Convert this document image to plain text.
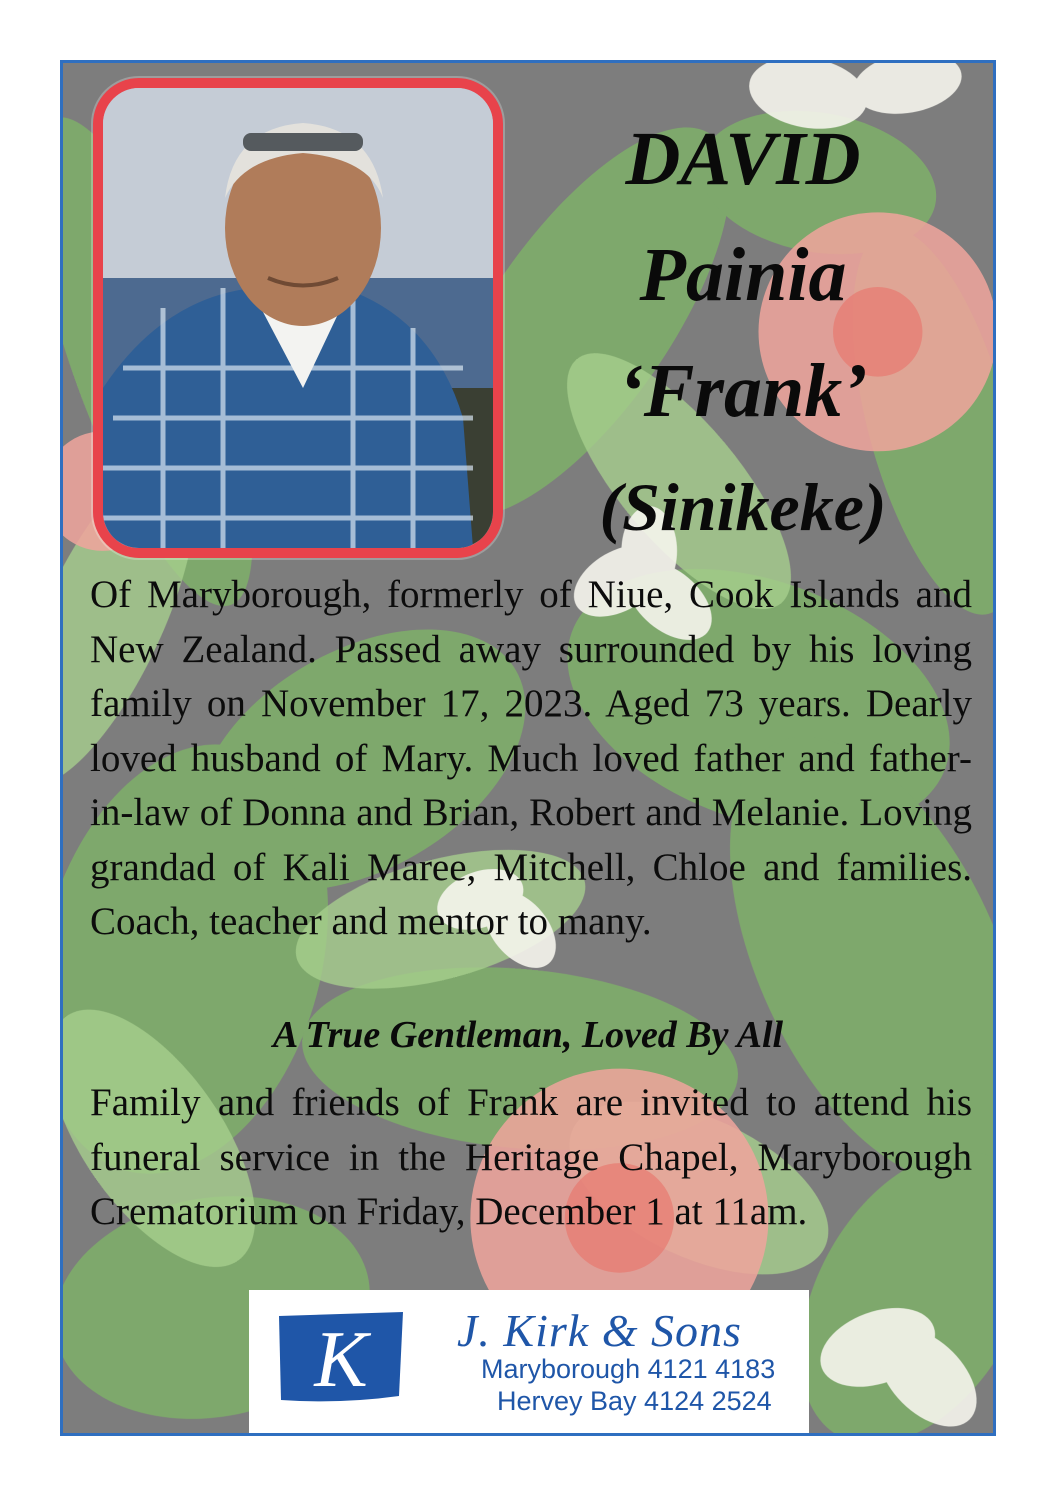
DAVID
Painia
‘Frank’
(Sinikeke)

Of Maryborough, formerly of Niue, Cook Islands and New Zealand. Passed away surrounded by his loving family on November 17, 2023. Aged 73 years. Dearly loved husband of Mary. Much loved father and father-in-law of Donna and Brian, Robert and Melanie. Loving grandad of Kali Maree, Mitchell, Chloe and families. Coach, teacher and mentor to many.

A True Gentleman, Loved By All

Family and friends of Frank are invited to attend his funeral service in the Heritage Chapel, Maryborough Crematorium on Friday, December 1 at 11am.

K J. Kirk & Sons
Maryborough 4121 4183
Hervey Bay 4124 2524
